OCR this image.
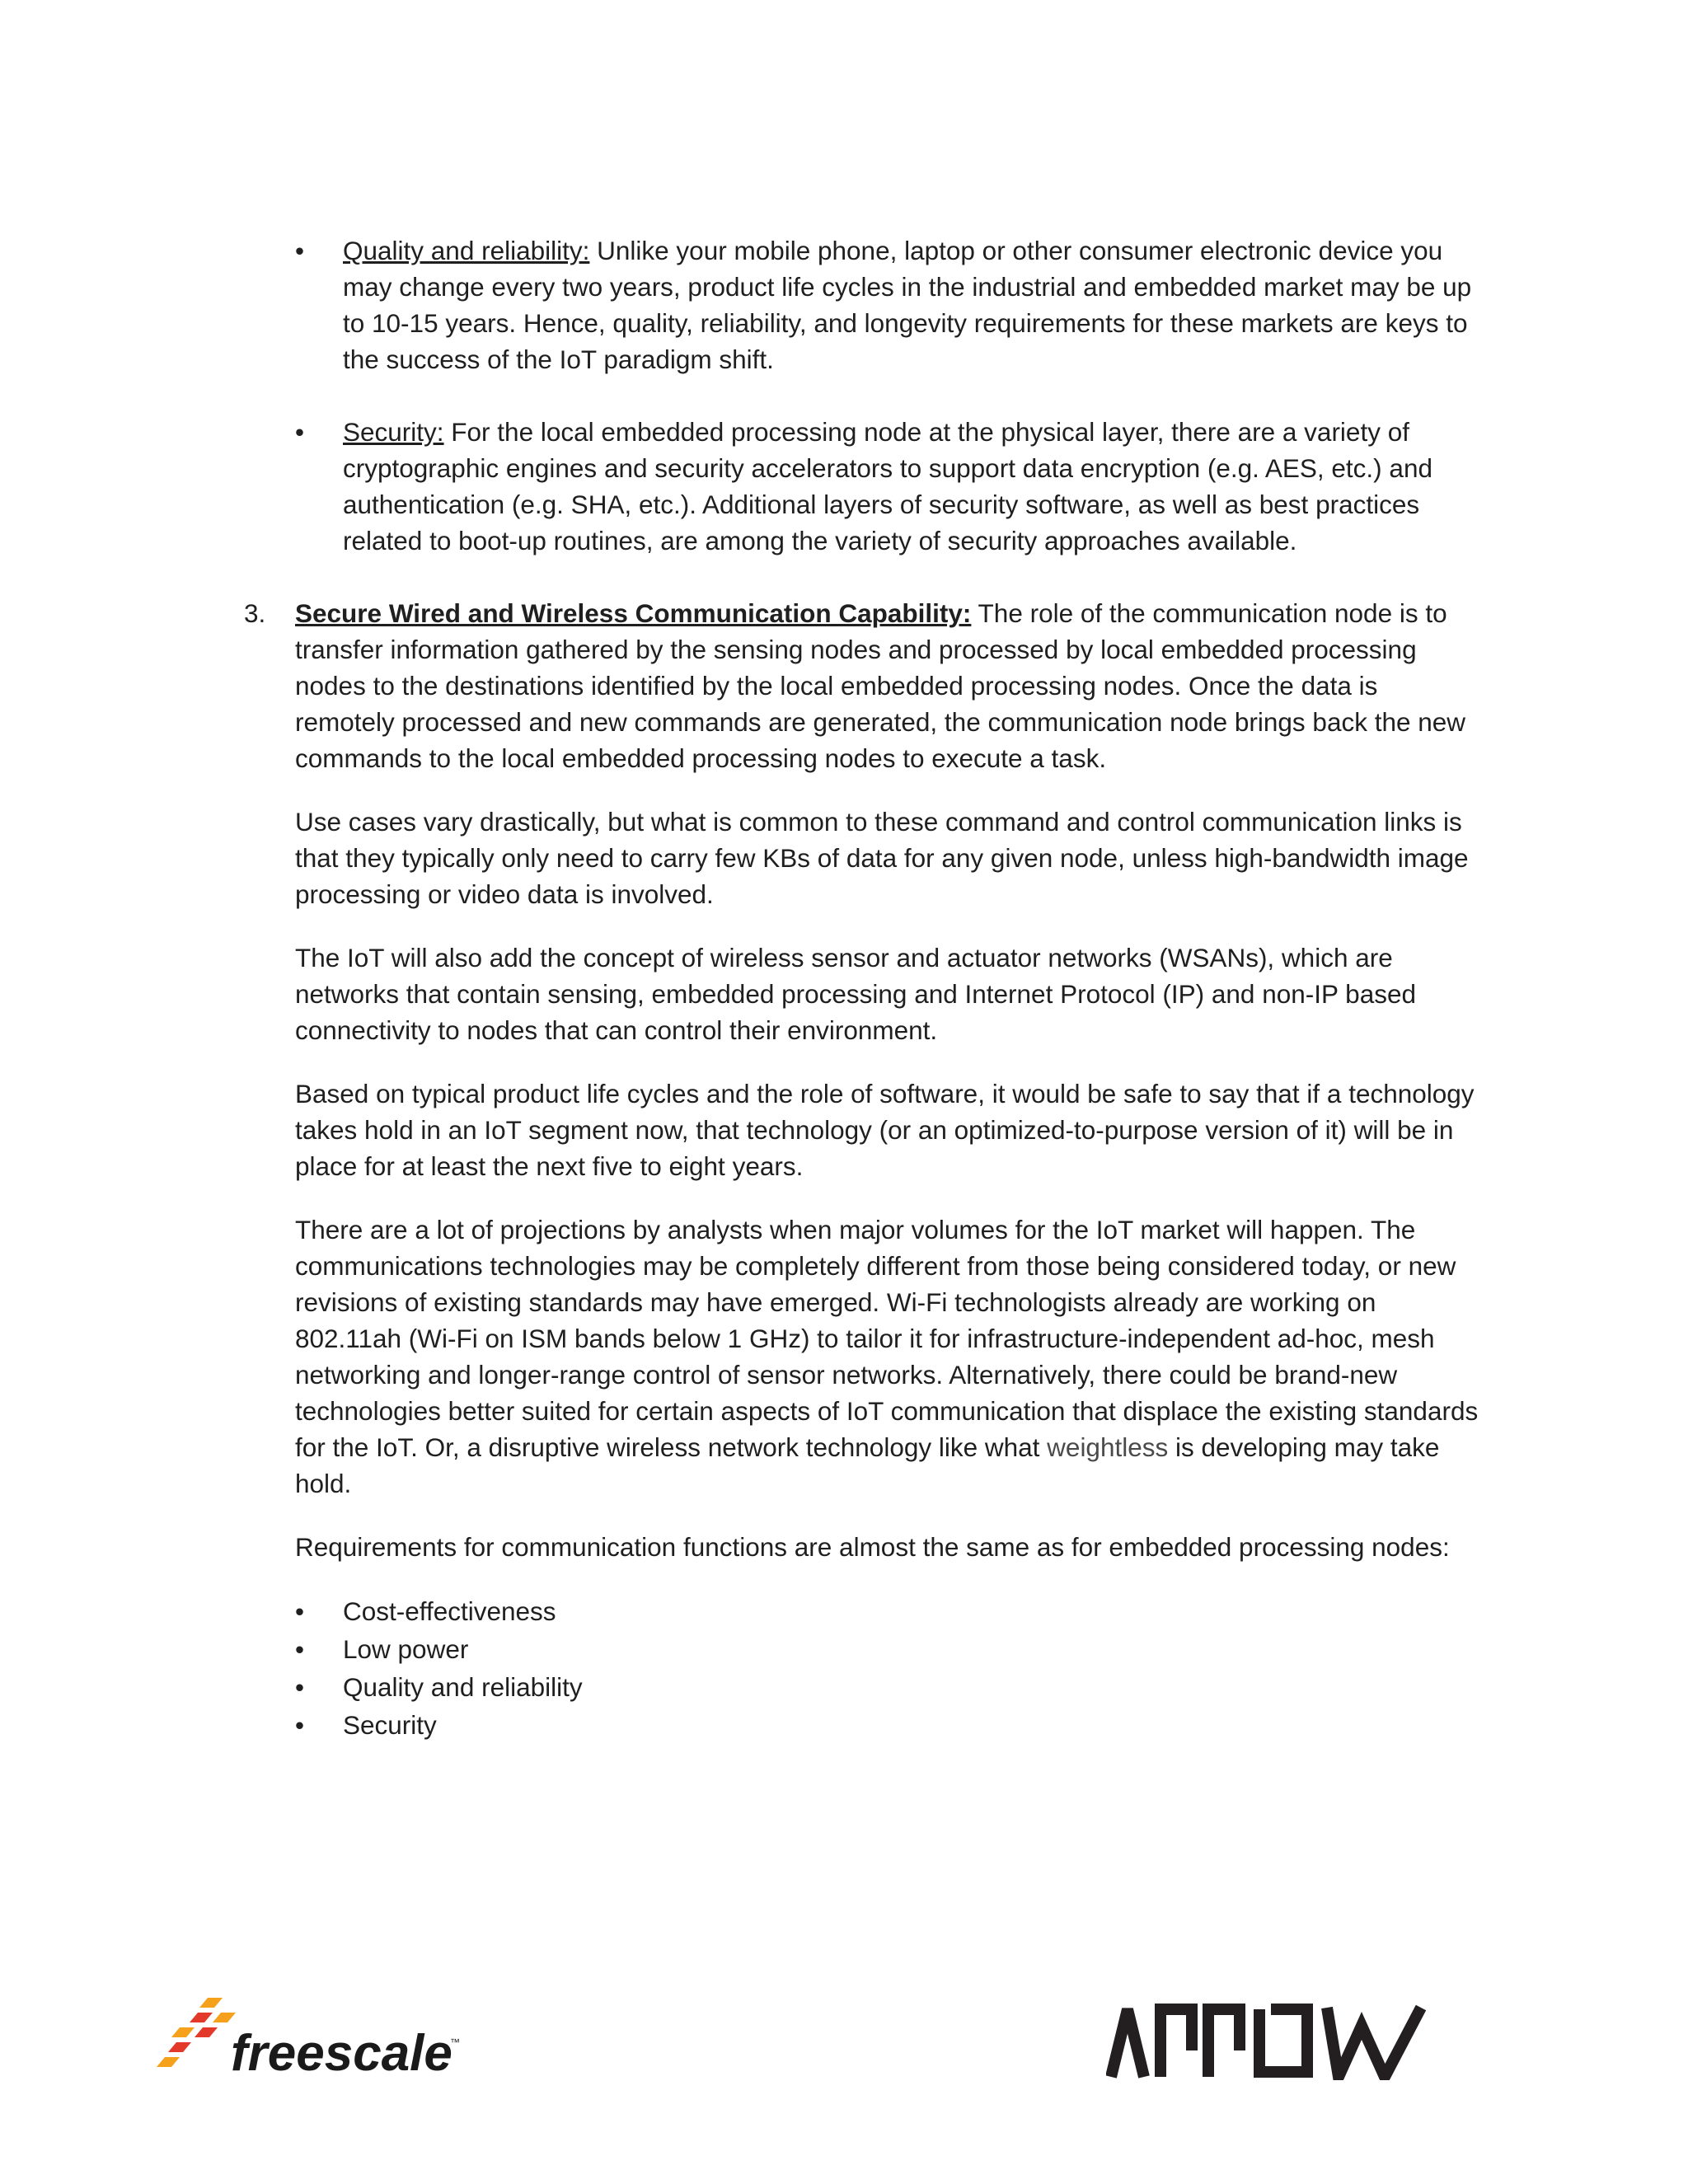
•	Quality and reliability: Unlike your mobile phone, laptop or other consumer electronic device you may change every two years, product life cycles in the industrial and embedded market may be up to 10-15 years. Hence, quality, reliability, and longevity requirements for these markets are keys to the success of the IoT paradigm shift.
•	Security: For the local embedded processing node at the physical layer, there are a variety of cryptographic engines and security accelerators to support data encryption (e.g. AES, etc.) and authentication (e.g. SHA, etc.). Additional layers of security software, as well as best practices related to boot-up routines, are among the variety of security approaches available.
3. Secure Wired and Wireless Communication Capability: The role of the communication node is to transfer information gathered by the sensing nodes and processed by local embedded processing nodes to the destinations identified by the local embedded processing nodes. Once the data is remotely processed and new commands are generated, the communication node brings back the new commands to the local embedded processing nodes to execute a task.

Use cases vary drastically, but what is common to these command and control communication links is that they typically only need to carry few KBs of data for any given node, unless high-bandwidth image processing or video data is involved.

The IoT will also add the concept of wireless sensor and actuator networks (WSANs), which are networks that contain sensing, embedded processing and Internet Protocol (IP) and non-IP based connectivity to nodes that can control their environment.

Based on typical product life cycles and the role of software, it would be safe to say that if a technology takes hold in an IoT segment now, that technology (or an optimized-to-purpose version of it) will be in place for at least the next five to eight years.

There are a lot of projections by analysts when major volumes for the IoT market will happen. The communications technologies may be completely different from those being considered today, or new revisions of existing standards may have emerged. Wi-Fi technologists already are working on 802.11ah (Wi-Fi on ISM bands below 1 GHz) to tailor it for infrastructure-independent ad-hoc, mesh networking and longer-range control of sensor networks. Alternatively, there could be brand-new technologies better suited for certain aspects of IoT communication that displace the existing standards for the IoT. Or, a disruptive wireless network technology like what weightless is developing may take hold.

Requirements for communication functions are almost the same as for embedded processing nodes:

•	Cost-effectiveness
•	Low power
•	Quality and reliability
•	Security
freescale
™
